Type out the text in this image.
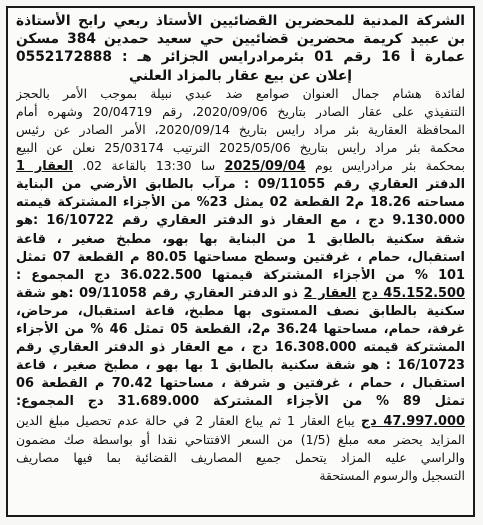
الشركة المدنية للمحضرين القضائيين الأستاذ ربعي رابح الأستاذة
بن عبيد كريمة محضرين قضائيين حي سعيد حمدين 384 مسكن
عمارة أ 16 رقم 01 بئرمرادرايس الجزائر هـ : 0552172888
إعلان عن بيع عقار بالمزاد العلني
لفائدة هشام جمال العنوان صوامع ضد عبدي نبيلة بموجب الأمر بالحجز
التنفيذي على عقار الصادر بتاريخ 2020/09/06، رقم 20/04719 وشهره أمام
المحافظة العقارية بئر مراد رايس بتاريخ 2020/09/14، الأمر الصادر عن رئيس
محكمة بئر مراد رايس بتاريخ 2025/05/06 الترتيب 25/03174 نعلن عن البيع
بمحكمة بئر مرادرايس يوم 2025/09/04 سا 13:30 بالقاعة 02. العقار 1
الدفتر العقاري رقم 09/11055 : مرآب بالطابق الأرضي من البناية
مساحته 18.26 م2 القطعة 02 يمثل 23% من الأجزاء المشتركة قيمته
9.130.000 دج ، مع العقار ذو الدفتر العقاري رقم 16/10722 :هو
شقة سكنية بالطابق 1 من البناية بها بهو، مطبخ صغير ، قاعة
استقبال، حمام ، غرفتين وسطح مساحتها 80.05 م القطعة 07 تمثل
101 % من الأجزاء المشتركة قيمتها 36.022.500 دج المجموع :
45.152.500 دج العقار 2 ذو الدفتر العقاري رقم 09/11058 :هو شقة
سكنية بالطابق نصف المستوى بها مطبخ، قاعة استقبال، مرحاض،
غرفة، حمام، مساحتها 36.24 م2، القطعة 05 تمثل 46 % من الأجزاء
المشتركة قيمته 16.308.000 دج ، مع العقار ذو الدفتر العقاري رقم
16/10723 : هو شقة سكنية بالطابق 1 بها بهو ، مطبخ صغير ، قاعة
استقبال ، حمام ، غرفتين و شرفة ، مساحتها 70.42 م القطعة 06
تمثل 89 % من الأجزاء المشتركة 31.689.000 دج المجموع:
47.997.000 دج يباع العقار 1 ثم يباع العقار 2 في حالة عدم تحصيل مبلغ الدين
المزايد يحضر معه مبلغ (1/5) من السعر الافتتاحي نقدا أو بواسطة صك مضمون
والراسي عليه المزاد يتحمل جميع المصاريف القضائية بما فيها مصاريف
التسجيل والرسوم المستحقة
